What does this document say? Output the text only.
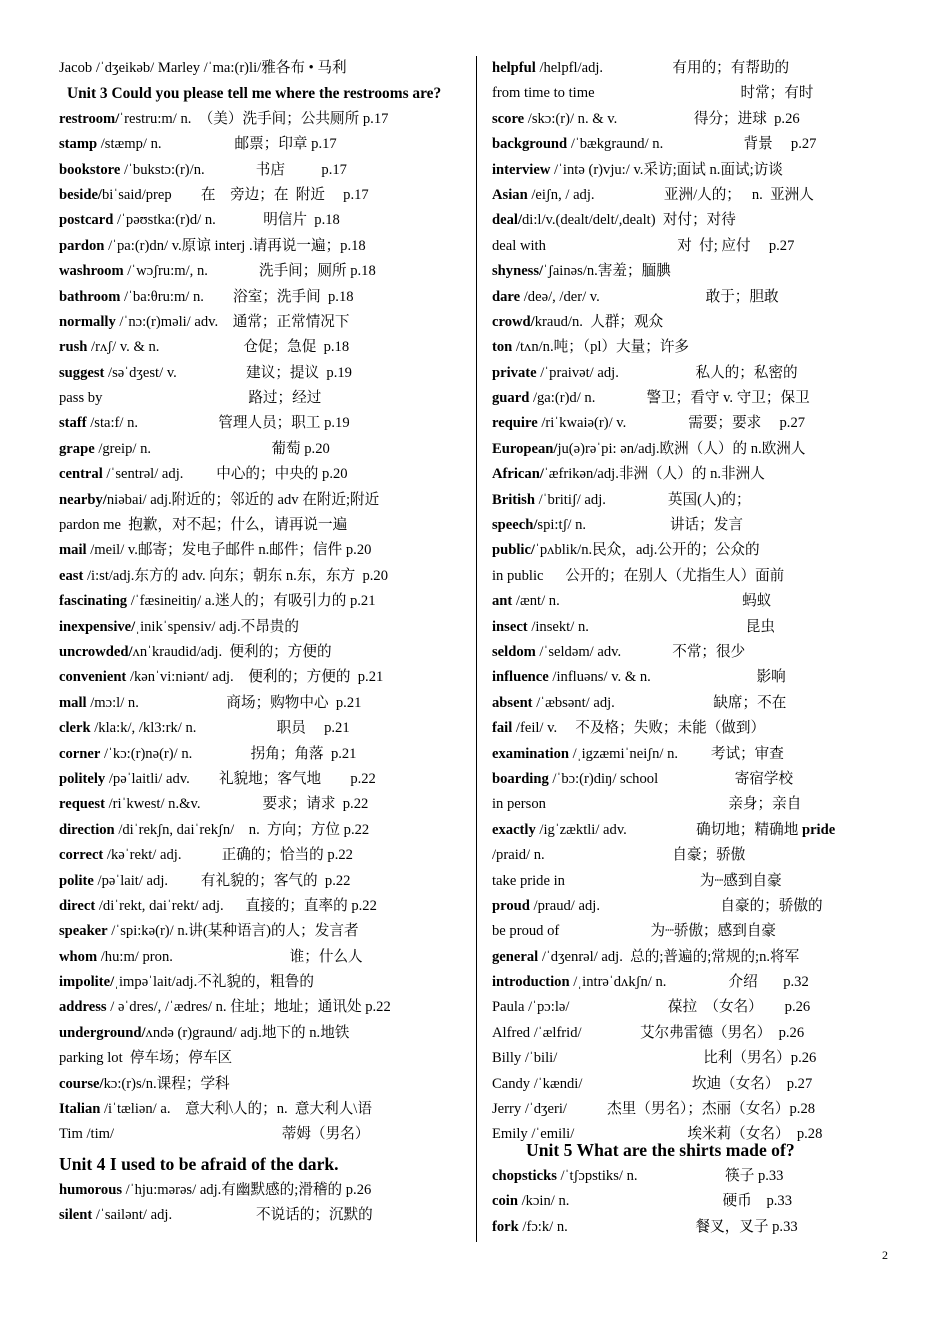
Jacob /ˈdʒeikəb/ Marley /ˈma:(r)li/雅各布 • 马利
Unit 3 Could you please tell me where the restrooms are?
restroom/ˈrestru:m/ n.  （美）洗手间；公共厕所 p.17
stamp /stæmp/ n.                    邮票；印章 p.17
bookstore /ˈbukstɔ:(r)/n.              书店          p.17
beside/biˈsaid/prep        在    旁边；在  附近     p.17
postcard /ˈpəʊstka:(r)d/ n.             明信片  p.18
pardon /ˈpa:(r)dn/ v.原谅 interj .请再说一遍；p.18
washroom /ˈwɔʃru:m/, n.              洗手间；厕所 p.18
bathroom /ˈba:θru:m/ n.        浴室；洗手间  p.18
normally /ˈnɔ:(r)məli/ adv.    通常；正常情况下
rush /rʌʃ/ v. & n.                       仓促；急促  p.18
suggest /səˈdʒest/ v.                   建议；提议  p.19
pass by                                        路过；经过
staff /sta:f/ n.                      管理人员；职工 p.19
grape /greip/ n.                                 葡萄 p.20
central /ˈsentrəl/ adj.         中心的；中央的 p.20
nearby/niəbai/ adj.附近的；邻近的 adv 在附近;附近
pardon me  抱歉，对不起；什么，请再说一遍
mail /meil/ v.邮寄；发电子邮件 n.邮件；信件 p.20
east /i:st/adj.东方的 adv. 向东；朝东 n.东，东方  p.20
fascinating /ˈfæsineitiŋ/ a.迷人的；有吸引力的 p.21
inexpensive/ˌinikˈspensiv/ adj.不昂贵的
uncrowded/ʌnˈkraudid/adj.  便利的；方便的
convenient /kənˈvi:niənt/ adj.    便利的；方便的  p.21
mall /mɔ:l/ n.                        商场；购物中心  p.21
clerk /kla:k/, /kl3:rk/ n.                      职员     p.21
corner /ˈkɔ:(r)nə(r)/ n.                拐角；角落  p.21
politely /pəˈlaitli/ adv.        礼貌地；客气地        p.22
request /riˈkwest/ n.&v.                 要求；请求  p.22
direction /diˈrekʃn, daiˈrekʃn/    n.  方向；方位 p.22
correct /kəˈrekt/ adj.           正确的；恰当的 p.22
polite /pəˈlait/ adj.         有礼貌的；客气的  p.22
direct /diˈrekt, daiˈrekt/ adj.      直接的；直率的 p.22
speaker /ˈspi:kə(r)/ n.讲(某种语言)的人；发言者
whom /hu:m/ pron.                                谁；什么人
impolite/ˌimpəˈlait/adj.不礼貌的，粗鲁的
address / əˈdres/, /ˈædres/ n. 住址；地址；通讯处 p.22
underground/ʌndə (r)graund/ adj.地下的 n.地铁
parking lot  停车场；停车区
course/kɔ:(r)s/n.课程；学科
Italian /iˈtæliən/ a.    意大利\人的；n.  意大利人\语
Tim /tim/                                              蒂姆（男名）
Unit 4 I used to be afraid of the dark.
humorous /ˈhju:mərəs/ adj.有幽默感的;滑稽的 p.26
silent /ˈsailənt/ adj.                       不说话的；沉默的
helpful /helpfl/adj.                   有用的；有帮助的
from time to time                                        时常；有时
score /skɔ:(r)/ n. & v.                     得分；进球  p.26
background /ˈbækgraund/ n.                      背景     p.27
interview /ˈintə (r)vju:/ v.采访;面试 n.面试;访谈
Asian /eiʃn, / adj.                   亚洲/人的；   n.  亚洲人
deal/di:l/v.(dealt/delt/,dealt)  对付；对待
deal with                                    对  付; 应付     p.27
shyness/ˈʃainəs/n.害羞；腼腆
dare /deə/, /der/ v.                             敢于；胆敢
crowd/kraud/n.  人群；观众
ton /tʌn/n.吨；（pl）大量；许多
private /ˈpraivət/ adj.                     私人的；私密的
guard /ga:(r)d/ n.              警卫；看守 v. 守卫；保卫
require /riˈkwaiə(r)/ v.                 需要；要求     p.27
European/ju(ə)rəˈpi: ən/adj.欧洲（人）的 n.欧洲人
African/ˈæfrikən/adj.非洲（人）的 n.非洲人
British /ˈbritiʃ/ adj.                 英国(人)的；
speech/spi:tʃ/ n.                       讲话；发言
public/ˈpʌblik/n.民众，adj.公开的；公众的
in public      公开的；在别人（尤指生人）面前
ant /ænt/ n.                                                  蚂蚁
insect /insekt/ n.                                           昆虫
seldom /ˈseldəm/ adv.              不常；很少
influence /influəns/ v. & n.                             影响
absent /ˈæbsənt/ adj.                           缺席；不在
fail /feil/ v.     不及格；失败；未能（做到）
examination /ˌigzæmiˈneiʃn/ n.         考试；审查
boarding /ˈbɔ:(r)diŋ/ school                     寄宿学校
in person                                                  亲身；亲自
exactly /igˈzæktli/ adv.                   确切地；精确地 pride
/praid/ n.                                   自豪；骄傲
take pride in                                     为┈感到自豪
proud /praud/ adj.                                 自豪的；骄傲的
be proud of                         为┈骄傲；感到自豪
general /ˈdʒenrəl/ adj.  总的;普遍的;常规的;n.将军
introduction /ˌintrəˈdʌkʃn/ n.                 介绍       p.32
Paula /ˈpɔ:lə/                           葆拉  （女名）      p.26
Alfred /ˈælfrid/                艾尔弗雷德（男名）  p.26
Billy /ˈbili/                                        比利（男名）p.26
Candy /ˈkændi/                              坎迪（女名）  p.27
Jerry /ˈdʒeri/           杰里（男名）；杰丽（女名）p.28
Emily /ˈemili/                               埃米莉（女名）  p.28
Unit 5 What are the shirts made of?
chopsticks /ˈtʃɔpstiks/ n.                        筷子 p.33
coin /kɔin/ n.                                          硬币    p.33
fork /fɔ:k/ n.                                   餐叉，叉子 p.33
2
